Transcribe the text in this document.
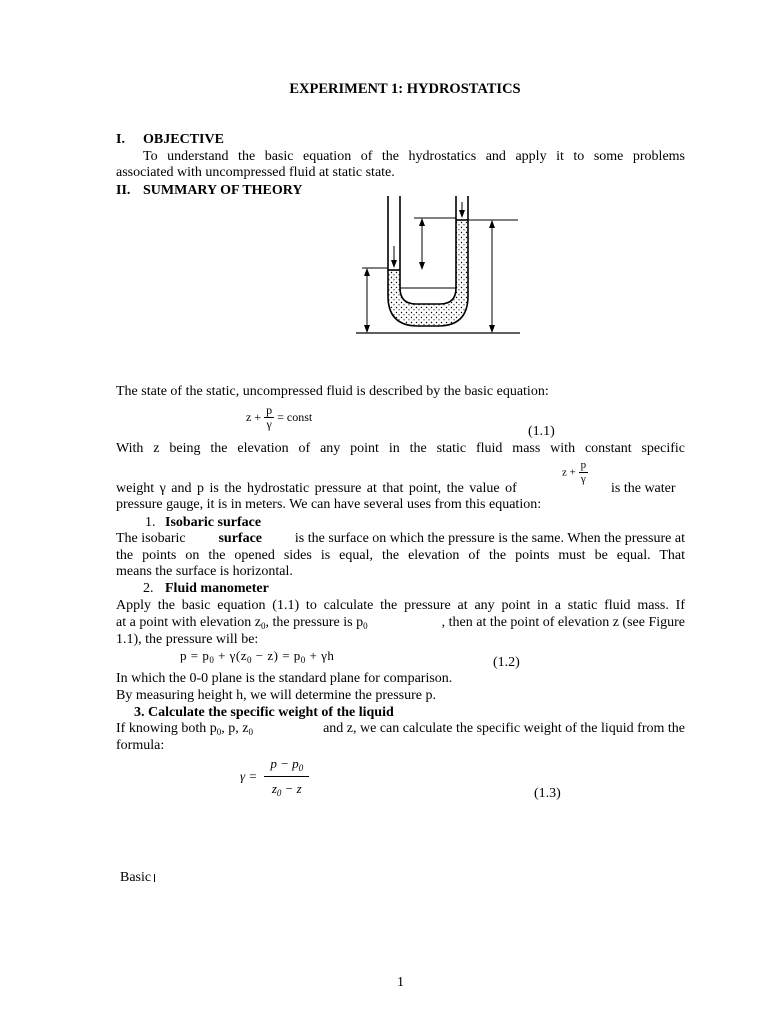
EXPERIMENT 1: HYDROSTATICS
I. OBJECTIVE
To understand the basic equation of the hydrostatics and apply it to some problems
associated with uncompressed fluid at static state.
II. SUMMARY OF THEORY
The state of the static, uncompressed fluid is described by the basic equation:
$z + \frac{p}{\gamma}$ = const
(1.1)
With z being the elevation of any point in the static fluid mass with constant specific
weight γ and p is the hydrostatic pressure at that point, the value of
$z + \frac{p}{\gamma}$
is the water
pressure gauge, it is in meters. We can have several uses from this equation:
1. Isobaric surface
The isobaric surface is the surface on which the pressure is the same. When the pressure at
the points on the opened sides is equal, the elevation of the points must be equal. That
means the surface is horizontal.
2. Fluid manometer
Apply the basic equation (1.1) to calculate the pressure at any point in a static fluid mass. If
at a point with elevation $z_0$, the pressure is $p_0$	, then at the point of elevation z (see Figure
1.1), the pressure will be:
$p = p_0 + \gamma(z_0 - z) = p_0 + \gamma h$	(1.2)
In which the 0-0 plane is the standard plane for comparison.
By measuring height h, we will determine the pressure p.
3. Calculate the specific weight of the liquid
If knowing both $p_0$, p, $z_0$	and z, we can calculate the specific weight of the liquid from the
formula:
$\gamma = \frac{p - p_0}{z_0 - z}$	(1.3)
Basic
1
